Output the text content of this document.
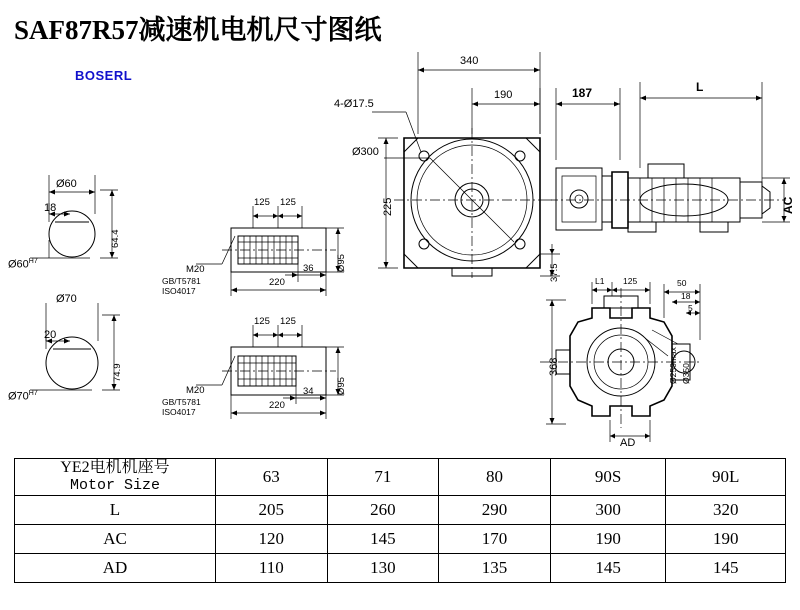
SAF87R57减速机电机尺寸图纸
BOSERL
340
190	187	L
4-Ø17.5
Ø300
225
37.5
AC
Ø60
18
64.4
$Ø60^{H7}$
Ø70
20
74.9
$Ø70^{H7}$
125 125
36
220
Ø95
M20
GB/T5781
ISO4017
125 125
34
220
Ø95
M20
GB/T5781
ISO4017
L1 125	50
18
5
368	Ø250max Ø350
AD
YE2电机机座号
Motor Size	63	71	80	90S	90L
L	205	260	290	300	320
AC	120	145	170	190	190
AD	110	130	135	145	145
